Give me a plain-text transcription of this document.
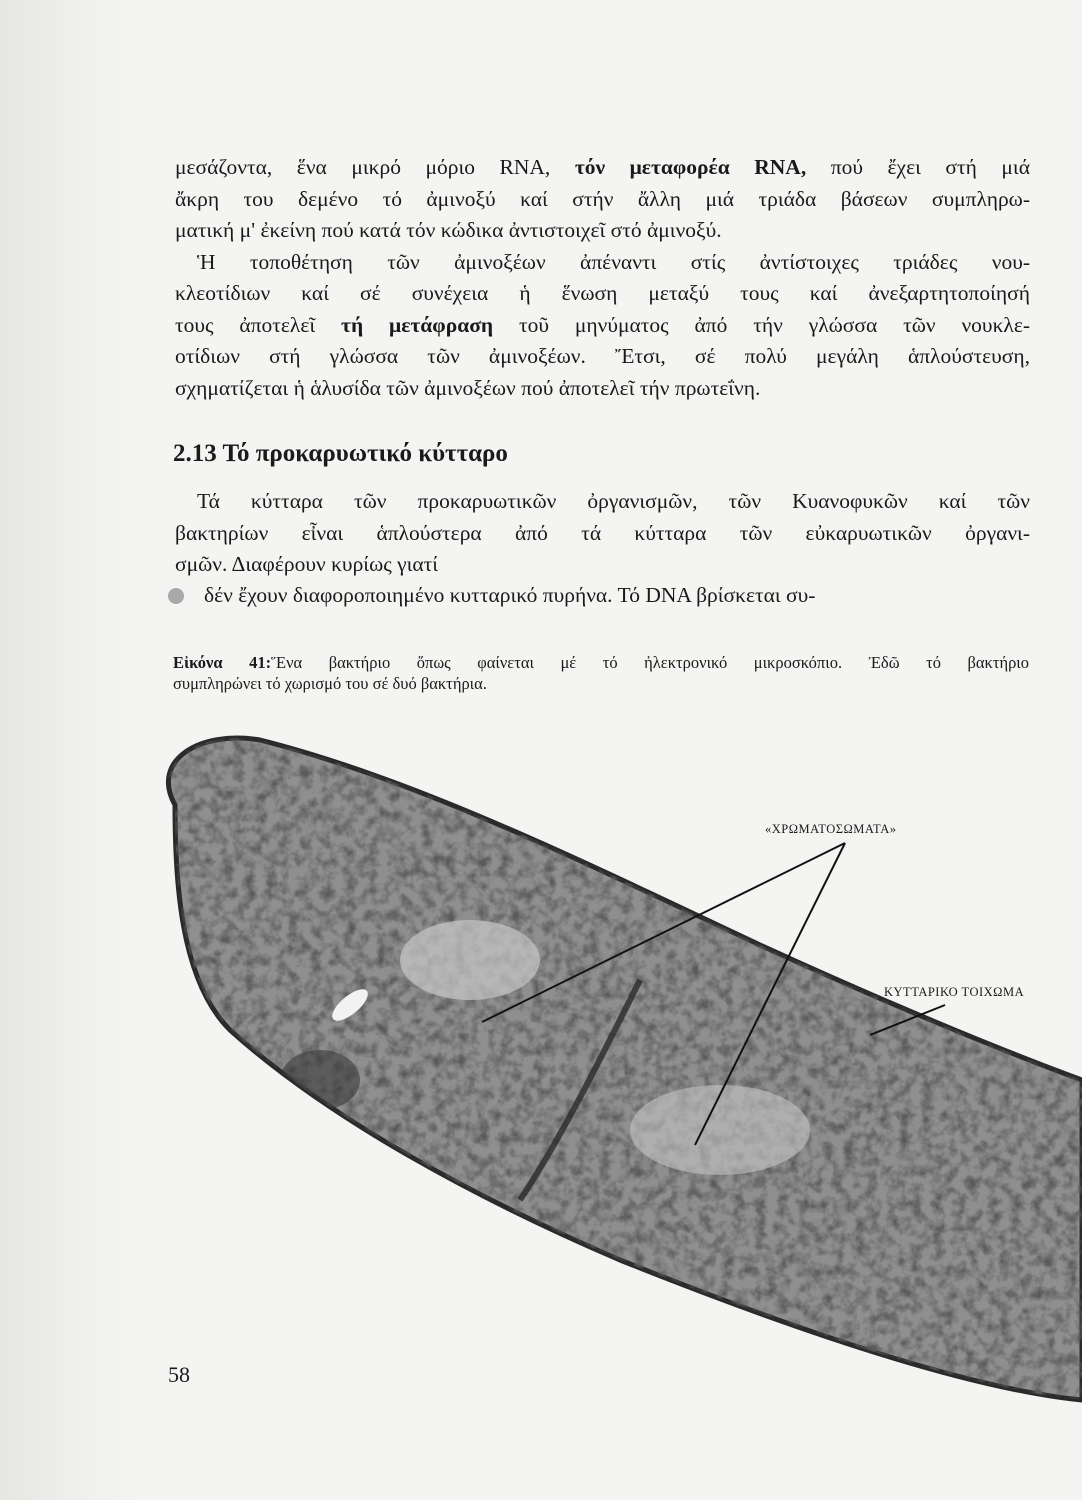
μεσάζοντα, ἕνα μικρό μόριο RNA, τόν μεταφορέα RNA, πού ἔχει στή μιά
ἄκρη του δεμένο τό ἀμινοξύ καί στήν ἄλλη μιά τριάδα βάσεων συμπληρω-
ματική μ' ἐκείνη πού κατά τόν κώδικα ἀντιστοιχεῖ στό ἀμινοξύ.
Ἡ τοποθέτηση τῶν ἀμινοξέων ἀπέναντι στίς ἀντίστοιχες τριάδες νου-
κλεοτίδιων καί σέ συνέχεια ἡ ἕνωση μεταξύ τους καί ἀνεξαρτητοποίησή
τους ἀποτελεῖ τή μετάφραση τοῦ μηνύματος ἀπό τήν γλώσσα τῶν νουκλε-
οτίδιων στή γλώσσα τῶν ἀμινοξέων. Ἔτσι, σέ πολύ μεγάλη ἁπλούστευση,
σχηματίζεται ἡ ἁλυσίδα τῶν ἀμινοξέων πού ἀποτελεῖ τήν πρωτεΐνη.
2.13 Τό προκαρυωτικό κύτταρο
Τά κύτταρα τῶν προκαρυωτικῶν ὀργανισμῶν, τῶν Κυανοφυκῶν καί τῶν
βακτηρίων εἶναι ἁπλούστερα ἀπό τά κύτταρα τῶν εὐκαρυωτικῶν ὀργανι-
σμῶν. Διαφέρουν κυρίως γιατί
δέν ἔχουν διαφοροποιημένο κυτταρικό πυρήνα. Τό DNA βρίσκεται συ-
Εἰκόνα 41:Ἕνα βακτήριο ὅπως φαίνεται μέ τό ἠλεκτρονικό μικροσκόπιο. Ἐδῶ τό βακτήριο
συμπληρώνει τό χωρισμό του σέ δυό βακτήρια.
«ΧΡΩΜΑΤΟΣΩΜΑΤΑ»
ΚΥΤΤΑΡΙΚΟ ΤΟΙΧΩΜΑ
58
